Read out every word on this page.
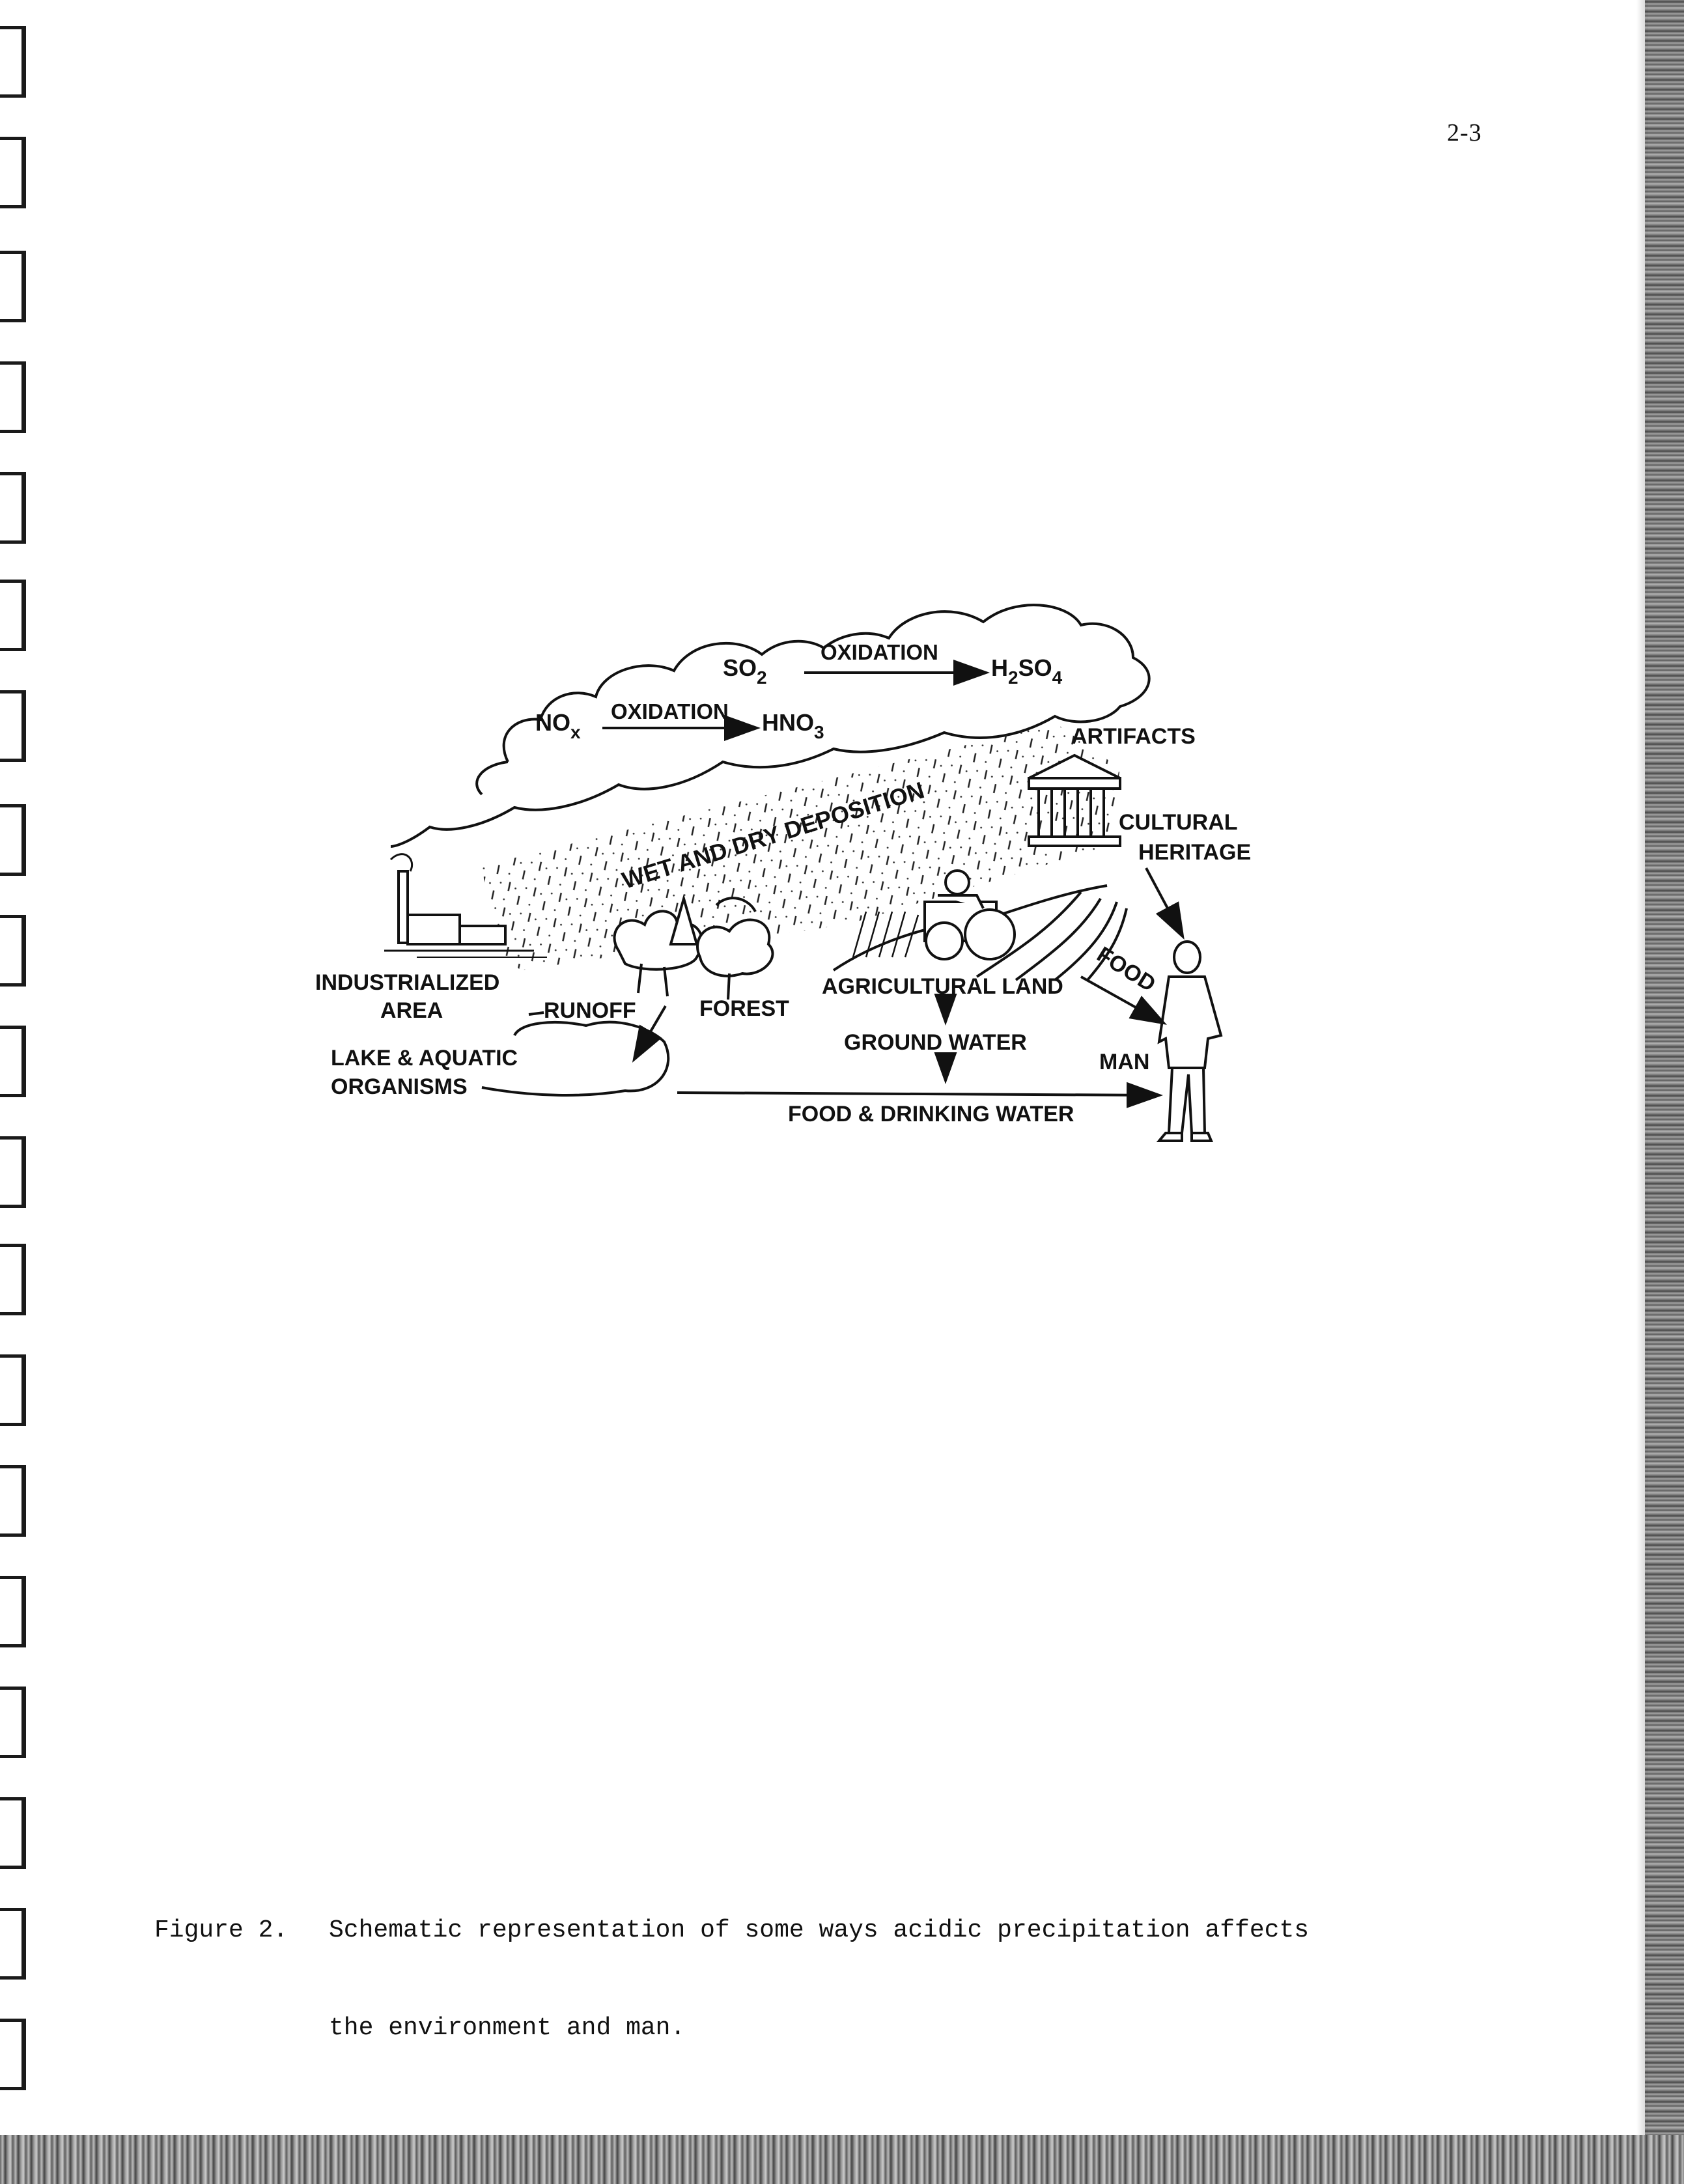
2-3
$NO_x$
OXIDATION $HNO_3$
$SO_2$
OXIDATION
$H_2SO_4$
WET AND DRY DEPOSITION
ARTIFACTS
CULTURAL
HERITAGE
INDUSTRIALIZED
AREA	RUNOFF	FOREST
AGRICULTURAL LAND FOOD
GROUND WATER
MAN
LAKE & AQUATIC
ORGANISMS
FOOD & DRINKING WATER

Figure 2. Schematic representation of some ways acidic precipitation affects

the environment and man.
